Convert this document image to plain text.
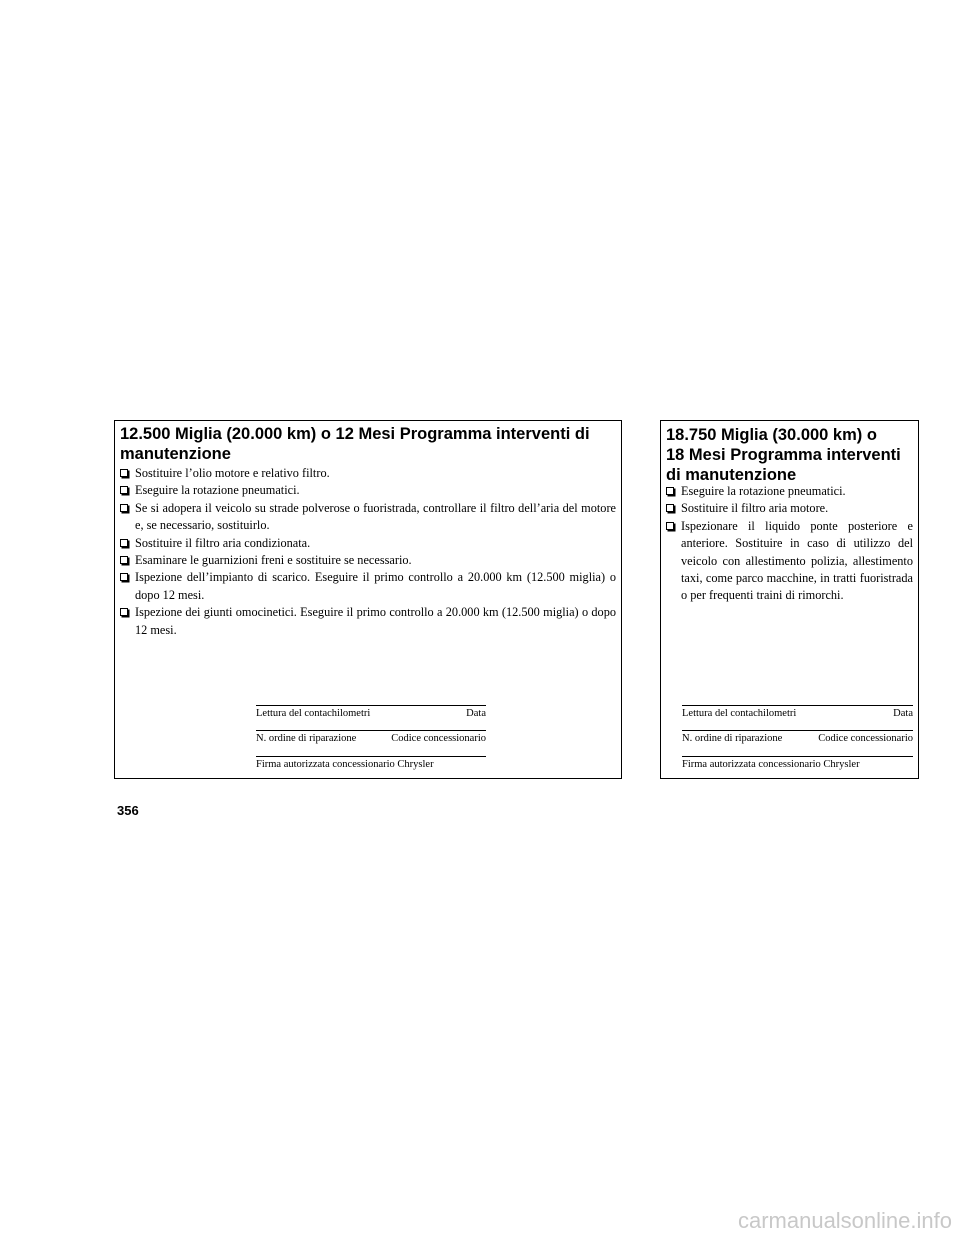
12.500 Miglia (20.000 km) o 12 Mesi Programma interventi di manutenzione
Sostituire l’olio motore e relativo filtro.
Eseguire la rotazione pneumatici.
Se si adopera il veicolo su strade polverose o fuoristrada, controllare il filtro dell’aria del motore e, se necessario, sostituirlo.
Sostituire il filtro aria condizionata.
Esaminare le guarnizioni freni e sostituire se necessario.
Ispezione dell’impianto di scarico. Eseguire il primo controllo a 20.000 km (12.500 miglia) o dopo 12 mesi.
Ispezione dei giunti omocinetici. Eseguire il primo controllo a 20.000 km (12.500 miglia) o dopo 12 mesi.
Lettura del contachilometri	Data
N. ordine di riparazione	Codice concessionario
Firma autorizzata concessionario Chrysler
18.750 Miglia (30.000 km) o
18 Mesi Programma interventi
di manutenzione
Eseguire la rotazione pneumatici.
Sostituire il filtro aria motore.
Ispezionare il liquido ponte posteriore e anteriore. Sostituire in caso di utilizzo del veicolo con allestimento polizia, allestimento taxi, come parco macchine, in tratti fuoristrada o per frequenti traini di rimorchi.
Lettura del contachilometri	Data
N. ordine di riparazione	Codice concessionario
Firma autorizzata concessionario Chrysler

356

carmanualsonline.info
